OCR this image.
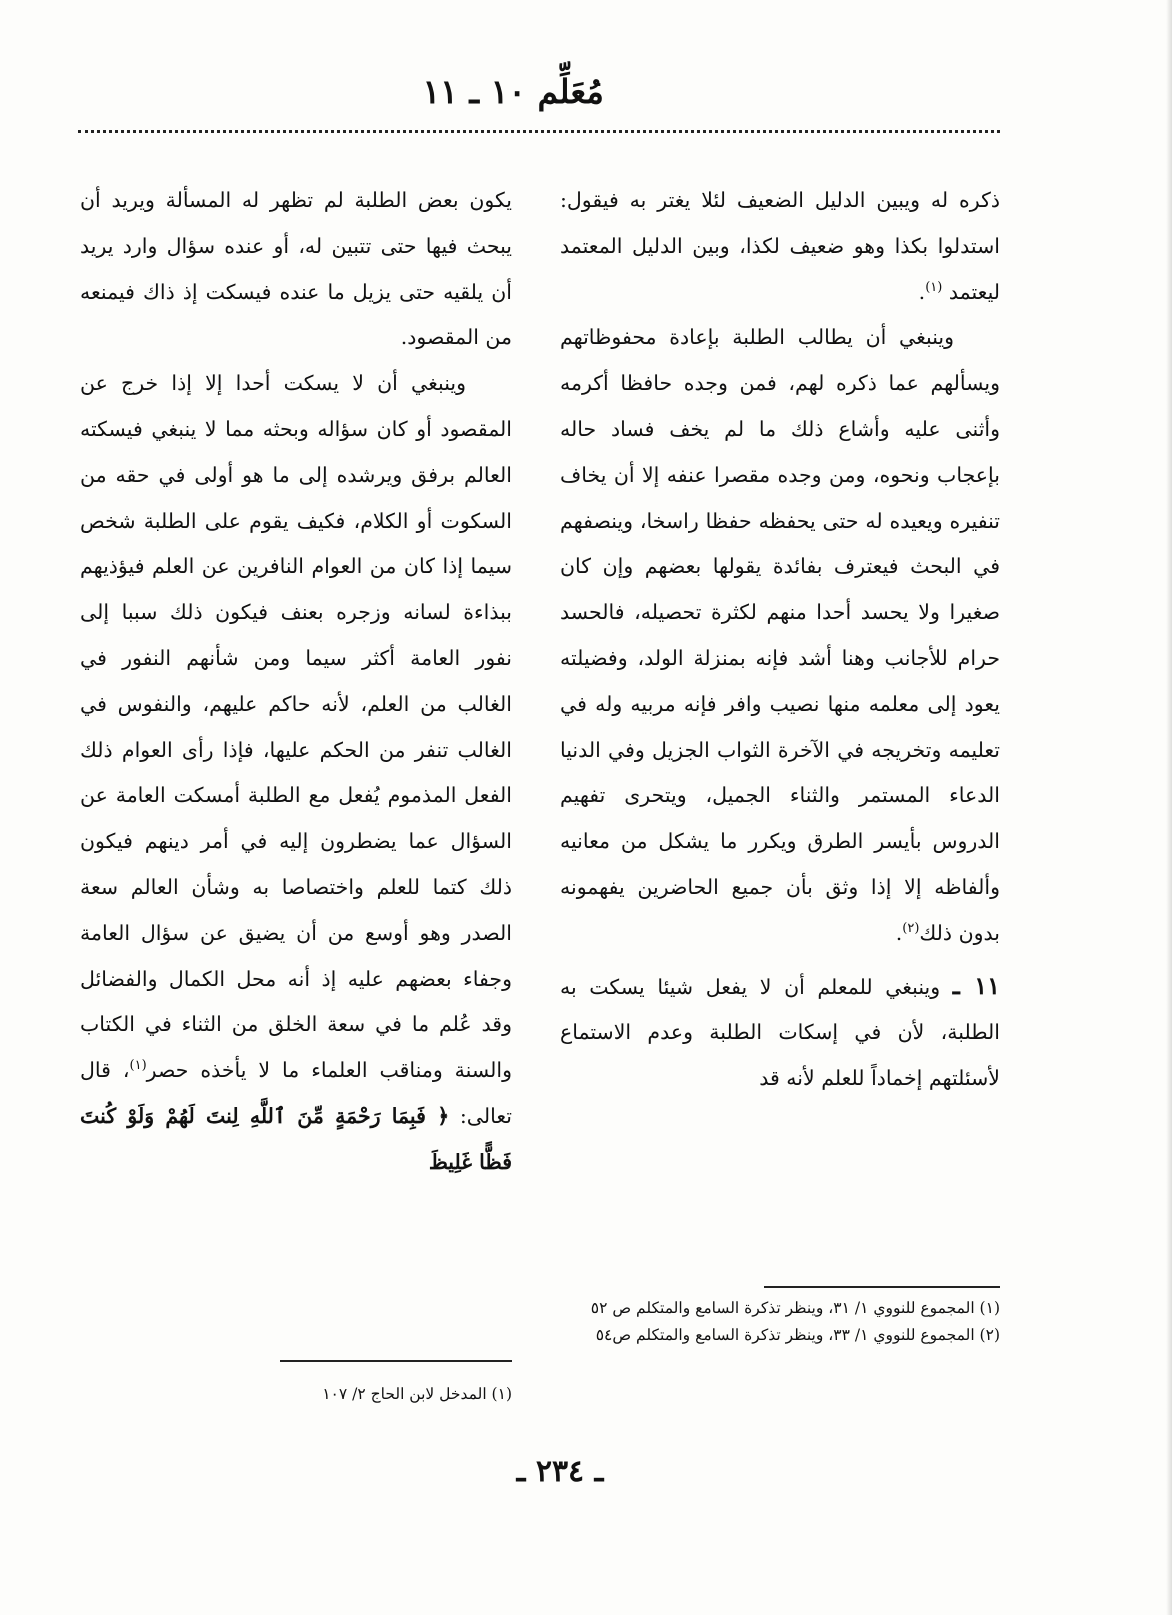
مُعَلِّم ١٠ ـ ١١

ذكره له ويبين الدليل الضعيف لئلا يغتر به فيقول: استدلوا بكذا وهو ضعيف لكذا، وبين الدليل المعتمد ليعتمد $^{(١)}$.

وينبغي أن يطالب الطلبة بإعادة محفوظاتهم ويسألهم عما ذكره لهم، فمن وجده حافظا أكرمه وأثنى عليه وأشاع ذلك ما لم يخف فساد حاله بإعجاب ونحوه، ومن وجده مقصرا عنفه إلا أن يخاف تنفيره ويعيده له حتى يحفظه حفظا راسخا، وينصفهم في البحث فيعترف بفائدة يقولها بعضهم وإن كان صغيرا ولا يحسد أحدا منهم لكثرة تحصيله، فالحسد حرام للأجانب وهنا أشد فإنه بمنزلة الولد، وفضيلته يعود إلى معلمه منها نصيب وافر فإنه مربيه وله في تعليمه وتخريجه في الآخرة الثواب الجزيل وفي الدنيا الدعاء المستمر والثناء الجميل، ويتحرى تفهيم الدروس بأيسر الطرق ويكرر ما يشكل من معانيه وألفاظه إلا إذا وثق بأن جميع الحاضرين يفهمونه بدون ذلك$^{(٢)}$.

١١ ـ وينبغي للمعلم أن لا يفعل شيئا يسكت به الطلبة، لأن في إسكات الطلبة وعدم الاستماع لأسئلتهم إخماداً للعلم لأنه قد

يكون بعض الطلبة لم تظهر له المسألة ويريد أن يبحث فيها حتى تتبين له، أو عنده سؤال وارد يريد أن يلقيه حتى يزيل ما عنده فيسكت إذ ذاك فيمنعه من المقصود.

وينبغي أن لا يسكت أحدا إلا إذا خرج عن المقصود أو كان سؤاله وبحثه مما لا ينبغي فيسكته العالم برفق ويرشده إلى ما هو أولى في حقه من السكوت أو الكلام، فكيف يقوم على الطلبة شخص سيما إذا كان من العوام النافرين عن العلم فيؤذيهم ببذاءة لسانه وزجره بعنف فيكون ذلك سببا إلى نفور العامة أكثر سيما ومن شأنهم النفور في الغالب من العلم، لأنه حاكم عليهم، والنفوس في الغالب تنفر من الحكم عليها، فإذا رأى العوام ذلك الفعل المذموم يُفعل مع الطلبة أمسكت العامة عن السؤال عما يضطرون إليه في أمر دينهم فيكون ذلك كتما للعلم واختصاصا به وشأن العالم سعة الصدر وهو أوسع من أن يضيق عن سؤال العامة وجفاء بعضهم عليه إذ أنه محل الكمال والفضائل وقد عُلم ما في سعة الخلق من الثناء في الكتاب والسنة ومناقب العلماء ما لا يأخذه حصر$^{(١)}$، قال تعالى: ﴿ فَبِمَا رَحْمَةٍ مِّنَ ٱللَّهِ لِنتَ لَهُمْ وَلَوْ كُنتَ فَظًّا غَلِيظَ

(١) المجموع للنووي ١/ ٣١، وينظر تذكرة السامع والمتكلم ص ٥٢

(٢) المجموع للنووي ١/ ٣٣، وينظر تذكرة السامع والمتكلم ص٥٤

(١) المدخل لابن الحاج ٢/ ١٠٧

ـ ٢٣٤ ـ
